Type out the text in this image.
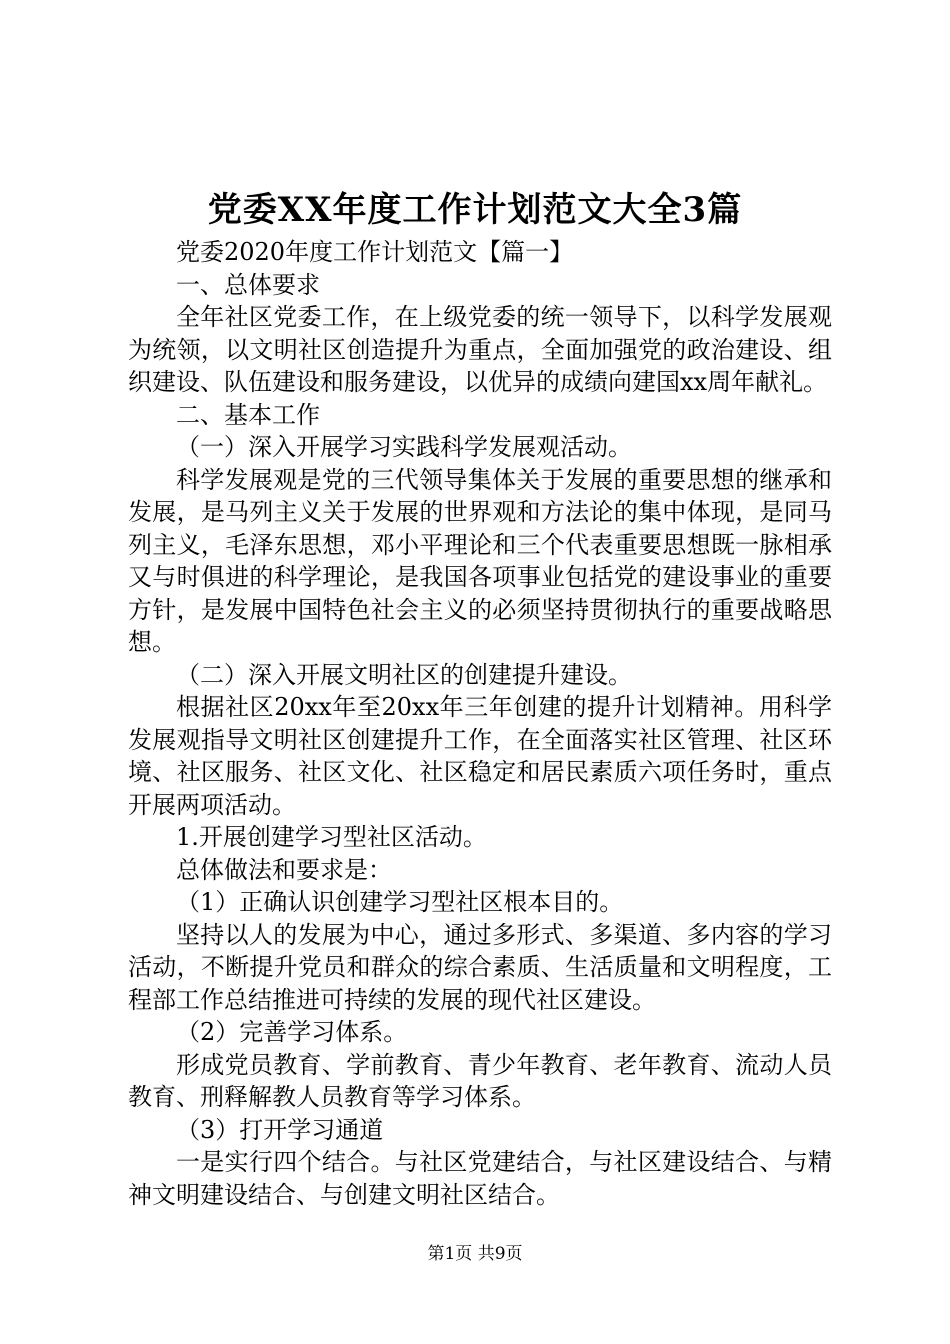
党委XX年度工作计划范文大全3篇

党委2020年度工作计划范文【篇一】

一、总体要求

全年社区党委工作，在上级党委的统一领导下，以科学发展观为统领，以文明社区创造提升为重点，全面加强党的政治建设、组织建设、队伍建设和服务建设，以优异的成绩向建国xx周年献礼。

二、基本工作

（一）深入开展学习实践科学发展观活动。

科学发展观是党的三代领导集体关于发展的重要思想的继承和发展，是马列主义关于发展的世界观和方法论的集中体现，是同马列主义，毛泽东思想，邓小平理论和三个代表重要思想既一脉相承又与时俱进的科学理论，是我国各项事业包括党的建设事业的重要方针，是发展中国特色社会主义的必须坚持贯彻执行的重要战略思想。

（二）深入开展文明社区的创建提升建设。

根据社区20xx年至20xx年三年创建的提升计划精神。用科学发展观指导文明社区创建提升工作，在全面落实社区管理、社区环境、社区服务、社区文化、社区稳定和居民素质六项任务时，重点开展两项活动。

1.开展创建学习型社区活动。

总体做法和要求是：

（1）正确认识创建学习型社区根本目的。

坚持以人的发展为中心，通过多形式、多渠道、多内容的学习活动，不断提升党员和群众的综合素质、生活质量和文明程度，工程部工作总结推进可持续的发展的现代社区建设。

（2）完善学习体系。

形成党员教育、学前教育、青少年教育、老年教育、流动人员教育、刑释解教人员教育等学习体系。

（3）打开学习通道

一是实行四个结合。与社区党建结合，与社区建设结合、与精神文明建设结合、与创建文明社区结合。

第1页 共9页
